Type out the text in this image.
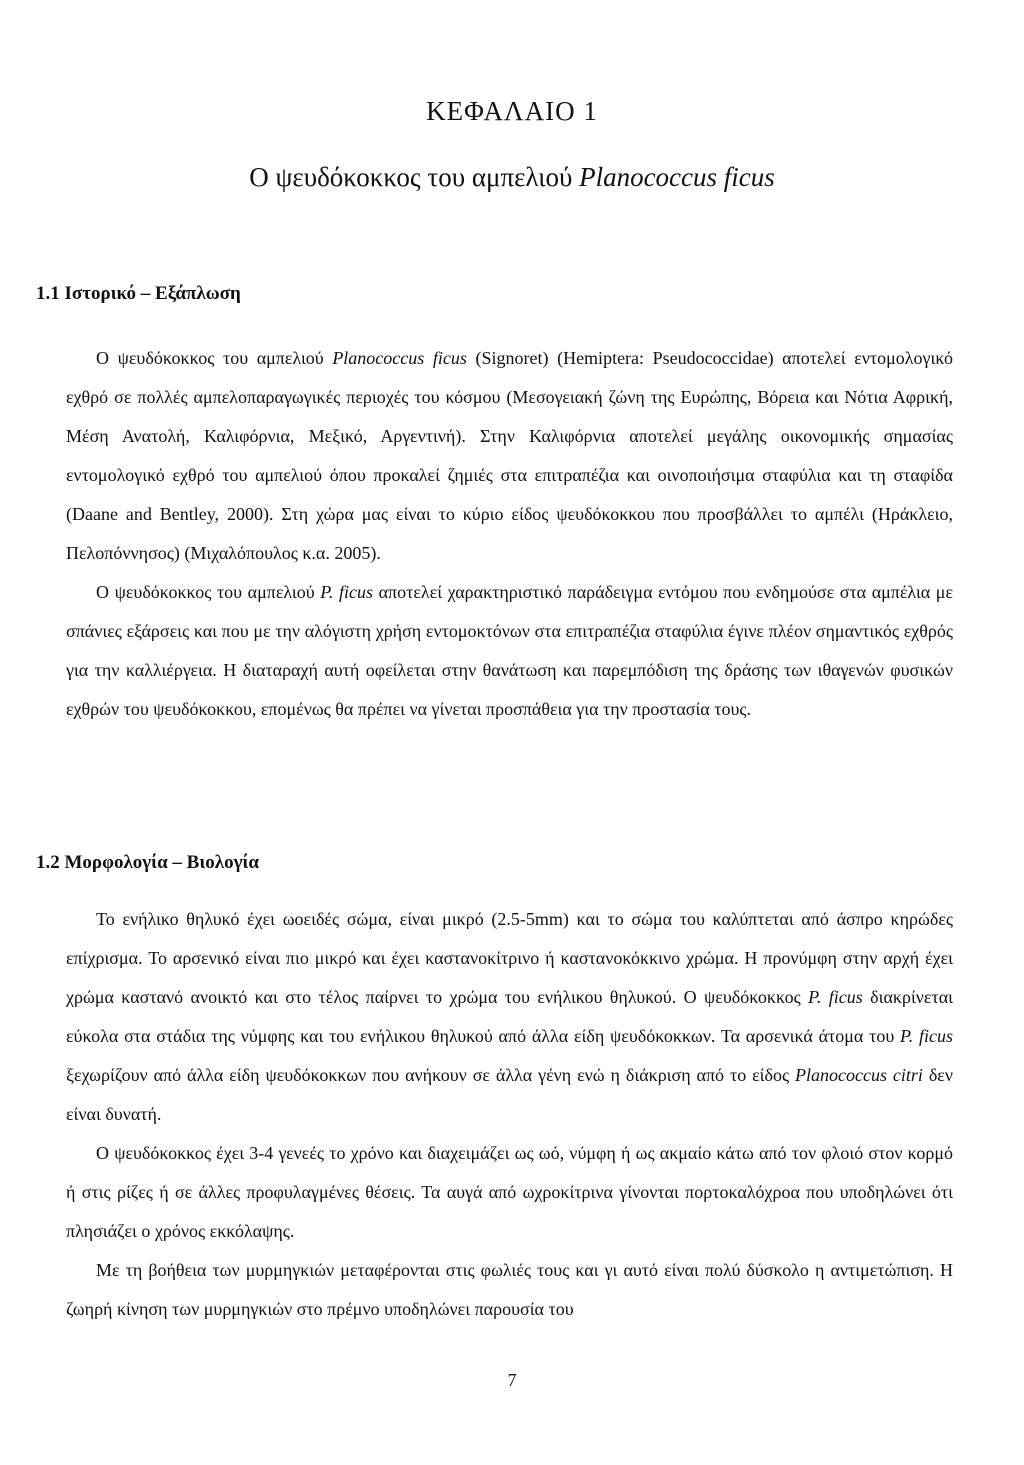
ΚΕΦΑΛΑΙΟ 1
Ο ψευδόκοκκος του αμπελιού Planococcus ficus
1.1 Ιστορικό – Εξάπλωση

Ο ψευδόκοκκος του αμπελιού Planococcus ficus (Signoret) (Hemiptera: Pseudococcidae) αποτελεί εντομολογικό εχθρό σε πολλές αμπελοπαραγωγικές περιοχές του κόσμου (Μεσογειακή ζώνη της Ευρώπης, Βόρεια και Νότια Αφρική, Μέση Ανατολή, Καλιφόρνια, Μεξικό, Αργεντινή). Στην Καλιφόρνια αποτελεί μεγάλης οικονομικής σημασίας εντομολογικό εχθρό του αμπελιού όπου προκαλεί ζημιές στα επιτραπέζια και οινοποιήσιμα σταφύλια και τη σταφίδα (Daane and Bentley, 2000). Στη χώρα μας είναι το κύριο είδος ψευδόκοκκου που προσβάλλει το αμπέλι (Ηράκλειο, Πελοπόννησος) (Μιχαλόπουλος κ.α. 2005).

Ο ψευδόκοκκος του αμπελιού P. ficus αποτελεί χαρακτηριστικό παράδειγμα εντόμου που ενδημούσε στα αμπέλια με σπάνιες εξάρσεις και που με την αλόγιστη χρήση εντομοκτόνων στα επιτραπέζια σταφύλια έγινε πλέον σημαντικός εχθρός για την καλλιέργεια. Η διαταραχή αυτή οφείλεται στην θανάτωση και παρεμπόδιση της δράσης των ιθαγενών φυσικών εχθρών του ψευδόκοκκου, επομένως θα πρέπει να γίνεται προσπάθεια για την προστασία τους.

1.2 Μορφολογία – Βιολογία

Το ενήλικο θηλυκό έχει ωοειδές σώμα, είναι μικρό (2.5-5mm) και το σώμα του καλύπτεται από άσπρο κηρώδες επίχρισμα. Το αρσενικό είναι πιο μικρό και έχει καστανοκίτρινο ή καστανοκόκκινο χρώμα. Η προνύμφη στην αρχή έχει χρώμα καστανό ανοικτό και στο τέλος παίρνει το χρώμα του ενήλικου θηλυκού. Ο ψευδόκοκκος P. ficus διακρίνεται εύκολα στα στάδια της νύμφης και του ενήλικου θηλυκού από άλλα είδη ψευδόκοκκων. Τα αρσενικά άτομα του P. ficus ξεχωρίζουν από άλλα είδη ψευδόκοκκων που ανήκουν σε άλλα γένη ενώ η διάκριση από το είδος Planococcus citri δεν είναι δυνατή.

Ο ψευδόκοκκος έχει 3-4 γενεές το χρόνο και διαχειμάζει ως ωό, νύμφη ή ως ακμαίο κάτω από τον φλοιό στον κορμό ή στις ρίζες ή σε άλλες προφυλαγμένες θέσεις. Τα αυγά από ωχροκίτρινα γίνονται πορτοκαλόχροα που υποδηλώνει ότι πλησιάζει ο χρόνος εκκόλαψης.

Με τη βοήθεια των μυρμηγκιών μεταφέρονται στις φωλιές τους και γι αυτό είναι πολύ δύσκολο η αντιμετώπιση. Η ζωηρή κίνηση των μυρμηγκιών στο πρέμνο υποδηλώνει παρουσία του

7
